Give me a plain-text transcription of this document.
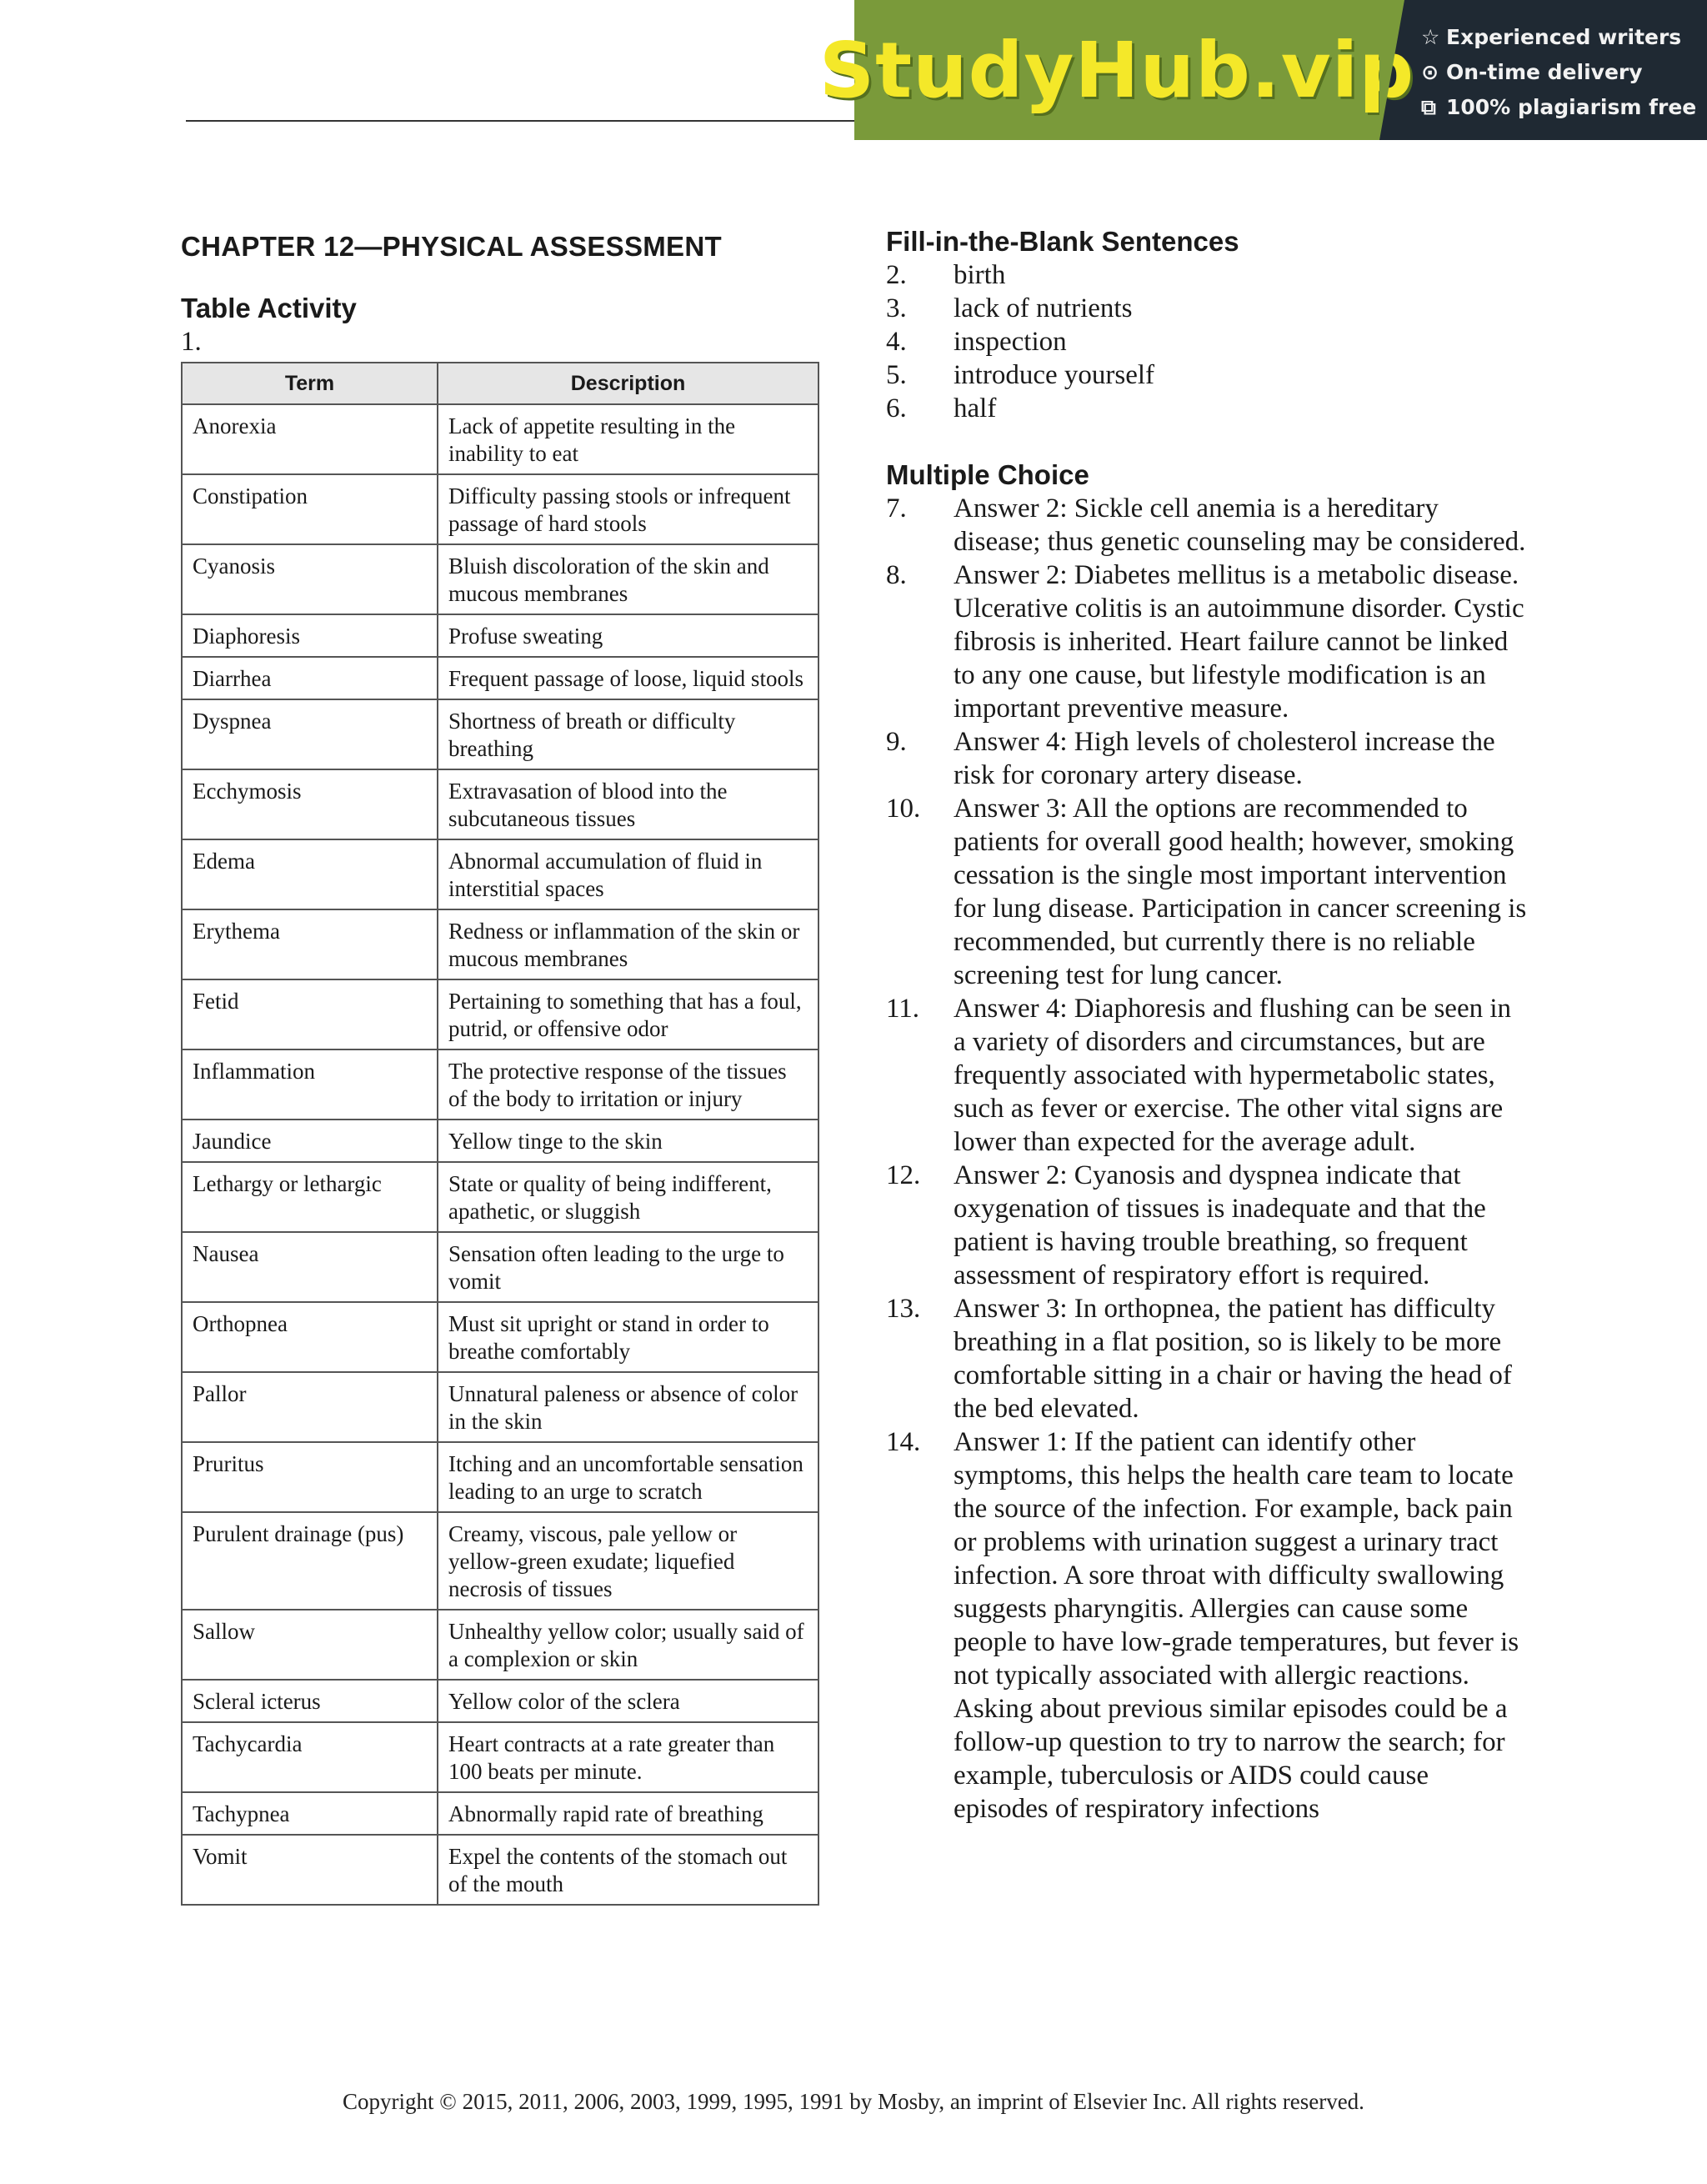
StudyHub.vip ☆ Experienced writers
⊙ On-time delivery
⧉ 100% plagiarism free
CHAPTER 12—PHYSICAL ASSESSMENT
Table Activity
1.
Term	Description
Anorexia	Lack of appetite resulting in the inability to eat
Constipation	Difficulty passing stools or infrequent passage of hard stools
Cyanosis	Bluish discoloration of the skin and mucous membranes
Diaphoresis	Profuse sweating
Diarrhea	Frequent passage of loose, liquid stools
Dyspnea	Shortness of breath or difficulty breathing
Ecchymosis	Extravasation of blood into the subcutaneous tissues
Edema	Abnormal accumulation of fluid in interstitial spaces
Erythema	Redness or inflammation of the skin or mucous membranes
Fetid	Pertaining to something that has a foul, putrid, or offensive odor
Inflammation	The protective response of the tissues of the body to irritation or injury
Jaundice	Yellow tinge to the skin
Lethargy or lethargic	State or quality of being indifferent, apathetic, or sluggish
Nausea	Sensation often leading to the urge to vomit
Orthopnea	Must sit upright or stand in order to breathe comfortably
Pallor	Unnatural paleness or absence of color in the skin
Pruritus	Itching and an uncomfortable sensation leading to an urge to scratch
Purulent drainage (pus)	Creamy, viscous, pale yellow or yellow-green exudate; liquefied necrosis of tissues
Sallow	Unhealthy yellow color; usually said of a complexion or skin
Scleral icterus	Yellow color of the sclera
Tachycardia	Heart contracts at a rate greater than 100 beats per minute.
Tachypnea	Abnormally rapid rate of breathing
Vomit	Expel the contents of the stomach out of the mouth
Fill-in-the-Blank Sentences
2. birth
3. lack of nutrients
4. inspection
5. introduce yourself
6. half
Multiple Choice
7. Answer 2: Sickle cell anemia is a hereditary disease; thus genetic counseling may be considered.
8. Answer 2: Diabetes mellitus is a metabolic disease. Ulcerative colitis is an autoimmune disorder. Cystic fibrosis is inherited. Heart failure cannot be linked to any one cause, but lifestyle modification is an important preventive measure.
9. Answer 4: High levels of cholesterol increase the risk for coronary artery disease.
10. Answer 3: All the options are recommended to patients for overall good health; however, smoking cessation is the single most important intervention for lung disease. Participation in cancer screening is recommended, but currently there is no reliable screening test for lung cancer.
11. Answer 4: Diaphoresis and flushing can be seen in a variety of disorders and circumstances, but are frequently associated with hypermetabolic states, such as fever or exercise. The other vital signs are lower than expected for the average adult.
12. Answer 2: Cyanosis and dyspnea indicate that oxygenation of tissues is inadequate and that the patient is having trouble breathing, so frequent assessment of respiratory effort is required.
13. Answer 3: In orthopnea, the patient has difficulty breathing in a flat position, so is likely to be more comfortable sitting in a chair or having the head of the bed elevated.
14. Answer 1: If the patient can identify other symptoms, this helps the health care team to locate the source of the infection. For example, back pain or problems with urination suggest a urinary tract infection. A sore throat with difficulty swallowing suggests pharyngitis. Allergies can cause some people to have low-grade temperatures, but fever is not typically associated with allergic reactions. Asking about previous similar episodes could be a follow-up question to try to narrow the search; for example, tuberculosis or AIDS could cause episodes of respiratory infections
Copyright © 2015, 2011, 2006, 2003, 1999, 1995, 1991 by Mosby, an imprint of Elsevier Inc. All rights reserved.
